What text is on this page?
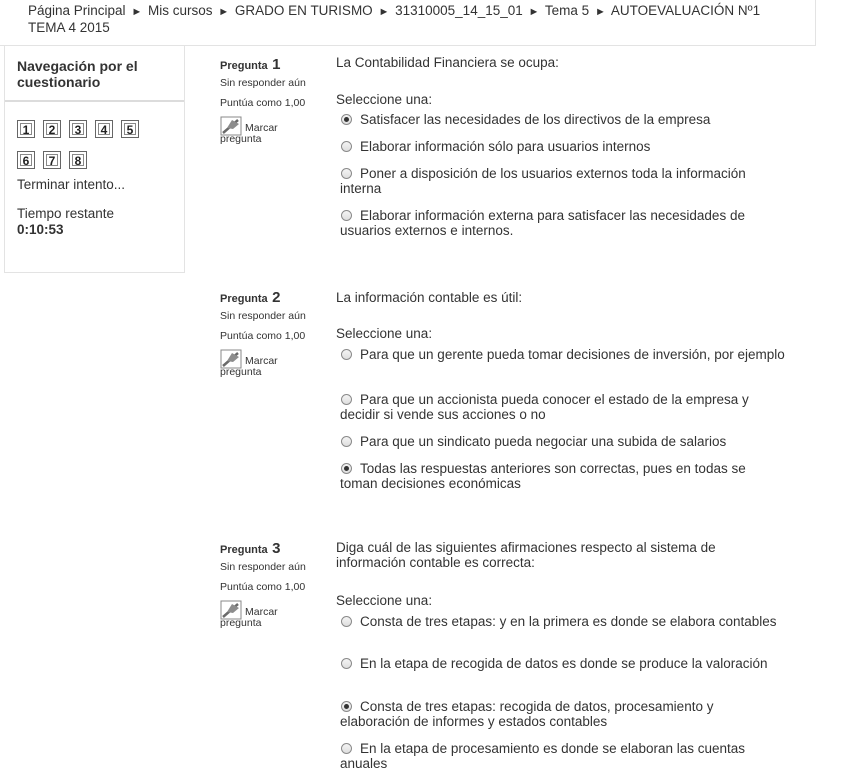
Página Principal ► Mis cursos ► GRADO EN TURISMO ► 31310005_14_15_01 ► Tema 5 ► AUTOEVALUACIÓN Nº1 TEMA 4 2015
Navegación por el cuestionario
1 2 3 4 5
6 7 8
Terminar intento...
Tiempo restante
0:10:53
Pregunta 1
Sin responder aún
Puntúa como 1,00
Marcar
pregunta
La Contabilidad Financiera se ocupa:
Seleccione una:
Satisfacer las necesidades de los directivos de la empresa
Elaborar información sólo para usuarios internos
Poner a disposición de los usuarios externos toda la información interna
Elaborar información externa para satisfacer las necesidades de usuarios externos e internos.
Pregunta 2
Sin responder aún
Puntúa como 1,00
Marcar
pregunta
La información contable es útil:
Seleccione una:
Para que un gerente pueda tomar decisiones de inversión, por ejemplo
Para que un accionista pueda conocer el estado de la empresa y decidir si vende sus acciones o no
Para que un sindicato pueda negociar una subida de salarios
Todas las respuestas anteriores son correctas, pues en todas se toman decisiones económicas
Pregunta 3
Sin responder aún
Puntúa como 1,00
Marcar
pregunta
Diga cuál de las siguientes afirmaciones respecto al sistema de información contable es correcta:
Seleccione una:
Consta de tres etapas: y en la primera es donde se elabora contables
En la etapa de recogida de datos es donde se produce la valoración
Consta de tres etapas: recogida de datos, procesamiento y elaboración de informes y estados contables
En la etapa de procesamiento es donde se elaboran las cuentas anuales
